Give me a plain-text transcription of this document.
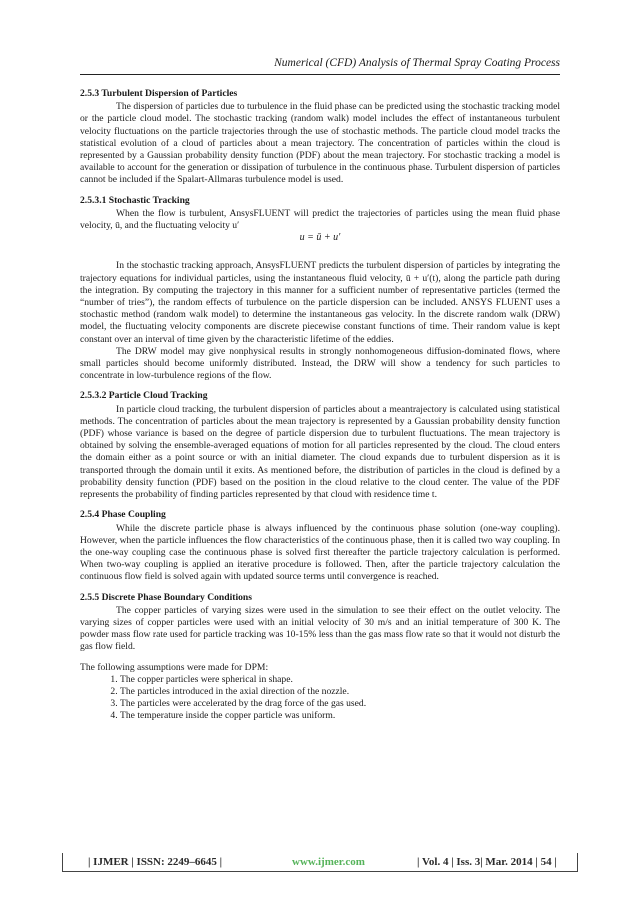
Numerical (CFD) Analysis of Thermal Spray Coating Process
2.5.3 Turbulent Dispersion of Particles

The dispersion of particles due to turbulence in the fluid phase can be predicted using the stochastic tracking model or the particle cloud model. The stochastic tracking (random walk) model includes the effect of instantaneous turbulent velocity fluctuations on the particle trajectories through the use of stochastic methods. The particle cloud model tracks the statistical evolution of a cloud of particles about a mean trajectory. The concentration of particles within the cloud is represented by a Gaussian probability density function (PDF) about the mean trajectory. For stochastic tracking a model is available to account for the generation or dissipation of turbulence in the continuous phase. Turbulent dispersion of particles cannot be included if the Spalart-Allmaras turbulence model is used.

2.5.3.1 Stochastic Tracking

When the flow is turbulent, AnsysFLUENT will predict the trajectories of particles using the mean fluid phase velocity, ū, and the fluctuating velocity u′

u = ū + u′

In the stochastic tracking approach, AnsysFLUENT predicts the turbulent dispersion of particles by integrating the trajectory equations for individual particles, using the instantaneous fluid velocity, ū + u′(t), along the particle path during the integration. By computing the trajectory in this manner for a sufficient number of representative particles (termed the “number of tries”), the random effects of turbulence on the particle dispersion can be included. ANSYS FLUENT uses a stochastic method (random walk model) to determine the instantaneous gas velocity. In the discrete random walk (DRW) model, the fluctuating velocity components are discrete piecewise constant functions of time. Their random value is kept constant over an interval of time given by the characteristic lifetime of the eddies.

The DRW model may give nonphysical results in strongly nonhomogeneous diffusion-dominated flows, where small particles should become uniformly distributed. Instead, the DRW will show a tendency for such particles to concentrate in low-turbulence regions of the flow.

2.5.3.2 Particle Cloud Tracking

In particle cloud tracking, the turbulent dispersion of particles about a meantrajectory is calculated using statistical methods. The concentration of particles about the mean trajectory is represented by a Gaussian probability density function (PDF) whose variance is based on the degree of particle dispersion due to turbulent fluctuations. The mean trajectory is obtained by solving the ensemble-averaged equations of motion for all particles represented by the cloud. The cloud enters the domain either as a point source or with an initial diameter. The cloud expands due to turbulent dispersion as it is transported through the domain until it exits. As mentioned before, the distribution of particles in the cloud is defined by a probability density function (PDF) based on the position in the cloud relative to the cloud center. The value of the PDF represents the probability of finding particles represented by that cloud with residence time t.

2.5.4 Phase Coupling

While the discrete particle phase is always influenced by the continuous phase solution (one-way coupling). However, when the particle influences the flow characteristics of the continuous phase, then it is called two way coupling. In the one-way coupling case the continuous phase is solved first thereafter the particle trajectory calculation is performed. When two-way coupling is applied an iterative procedure is followed. Then, after the particle trajectory calculation the continuous flow field is solved again with updated source terms until convergence is reached.

2.5.5 Discrete Phase Boundary Conditions

The copper particles of varying sizes were used in the simulation to see their effect on the outlet velocity. The varying sizes of copper particles were used with an initial velocity of 30 m/s and an initial temperature of 300 K. The powder mass flow rate used for particle tracking was 10-15% less than the gas mass flow rate so that it would not disturb the gas flow field.

The following assumptions were made for DPM:

1. The copper particles were spherical in shape.
2. The particles introduced in the axial direction of the nozzle.
3. The particles were accelerated by the drag force of the gas used.
4. The temperature inside the copper particle was uniform.
| IJMER | ISSN: 2249–6645 |	www.ijmer.com	| Vol. 4 | Iss. 3| Mar. 2014 | 54 |
